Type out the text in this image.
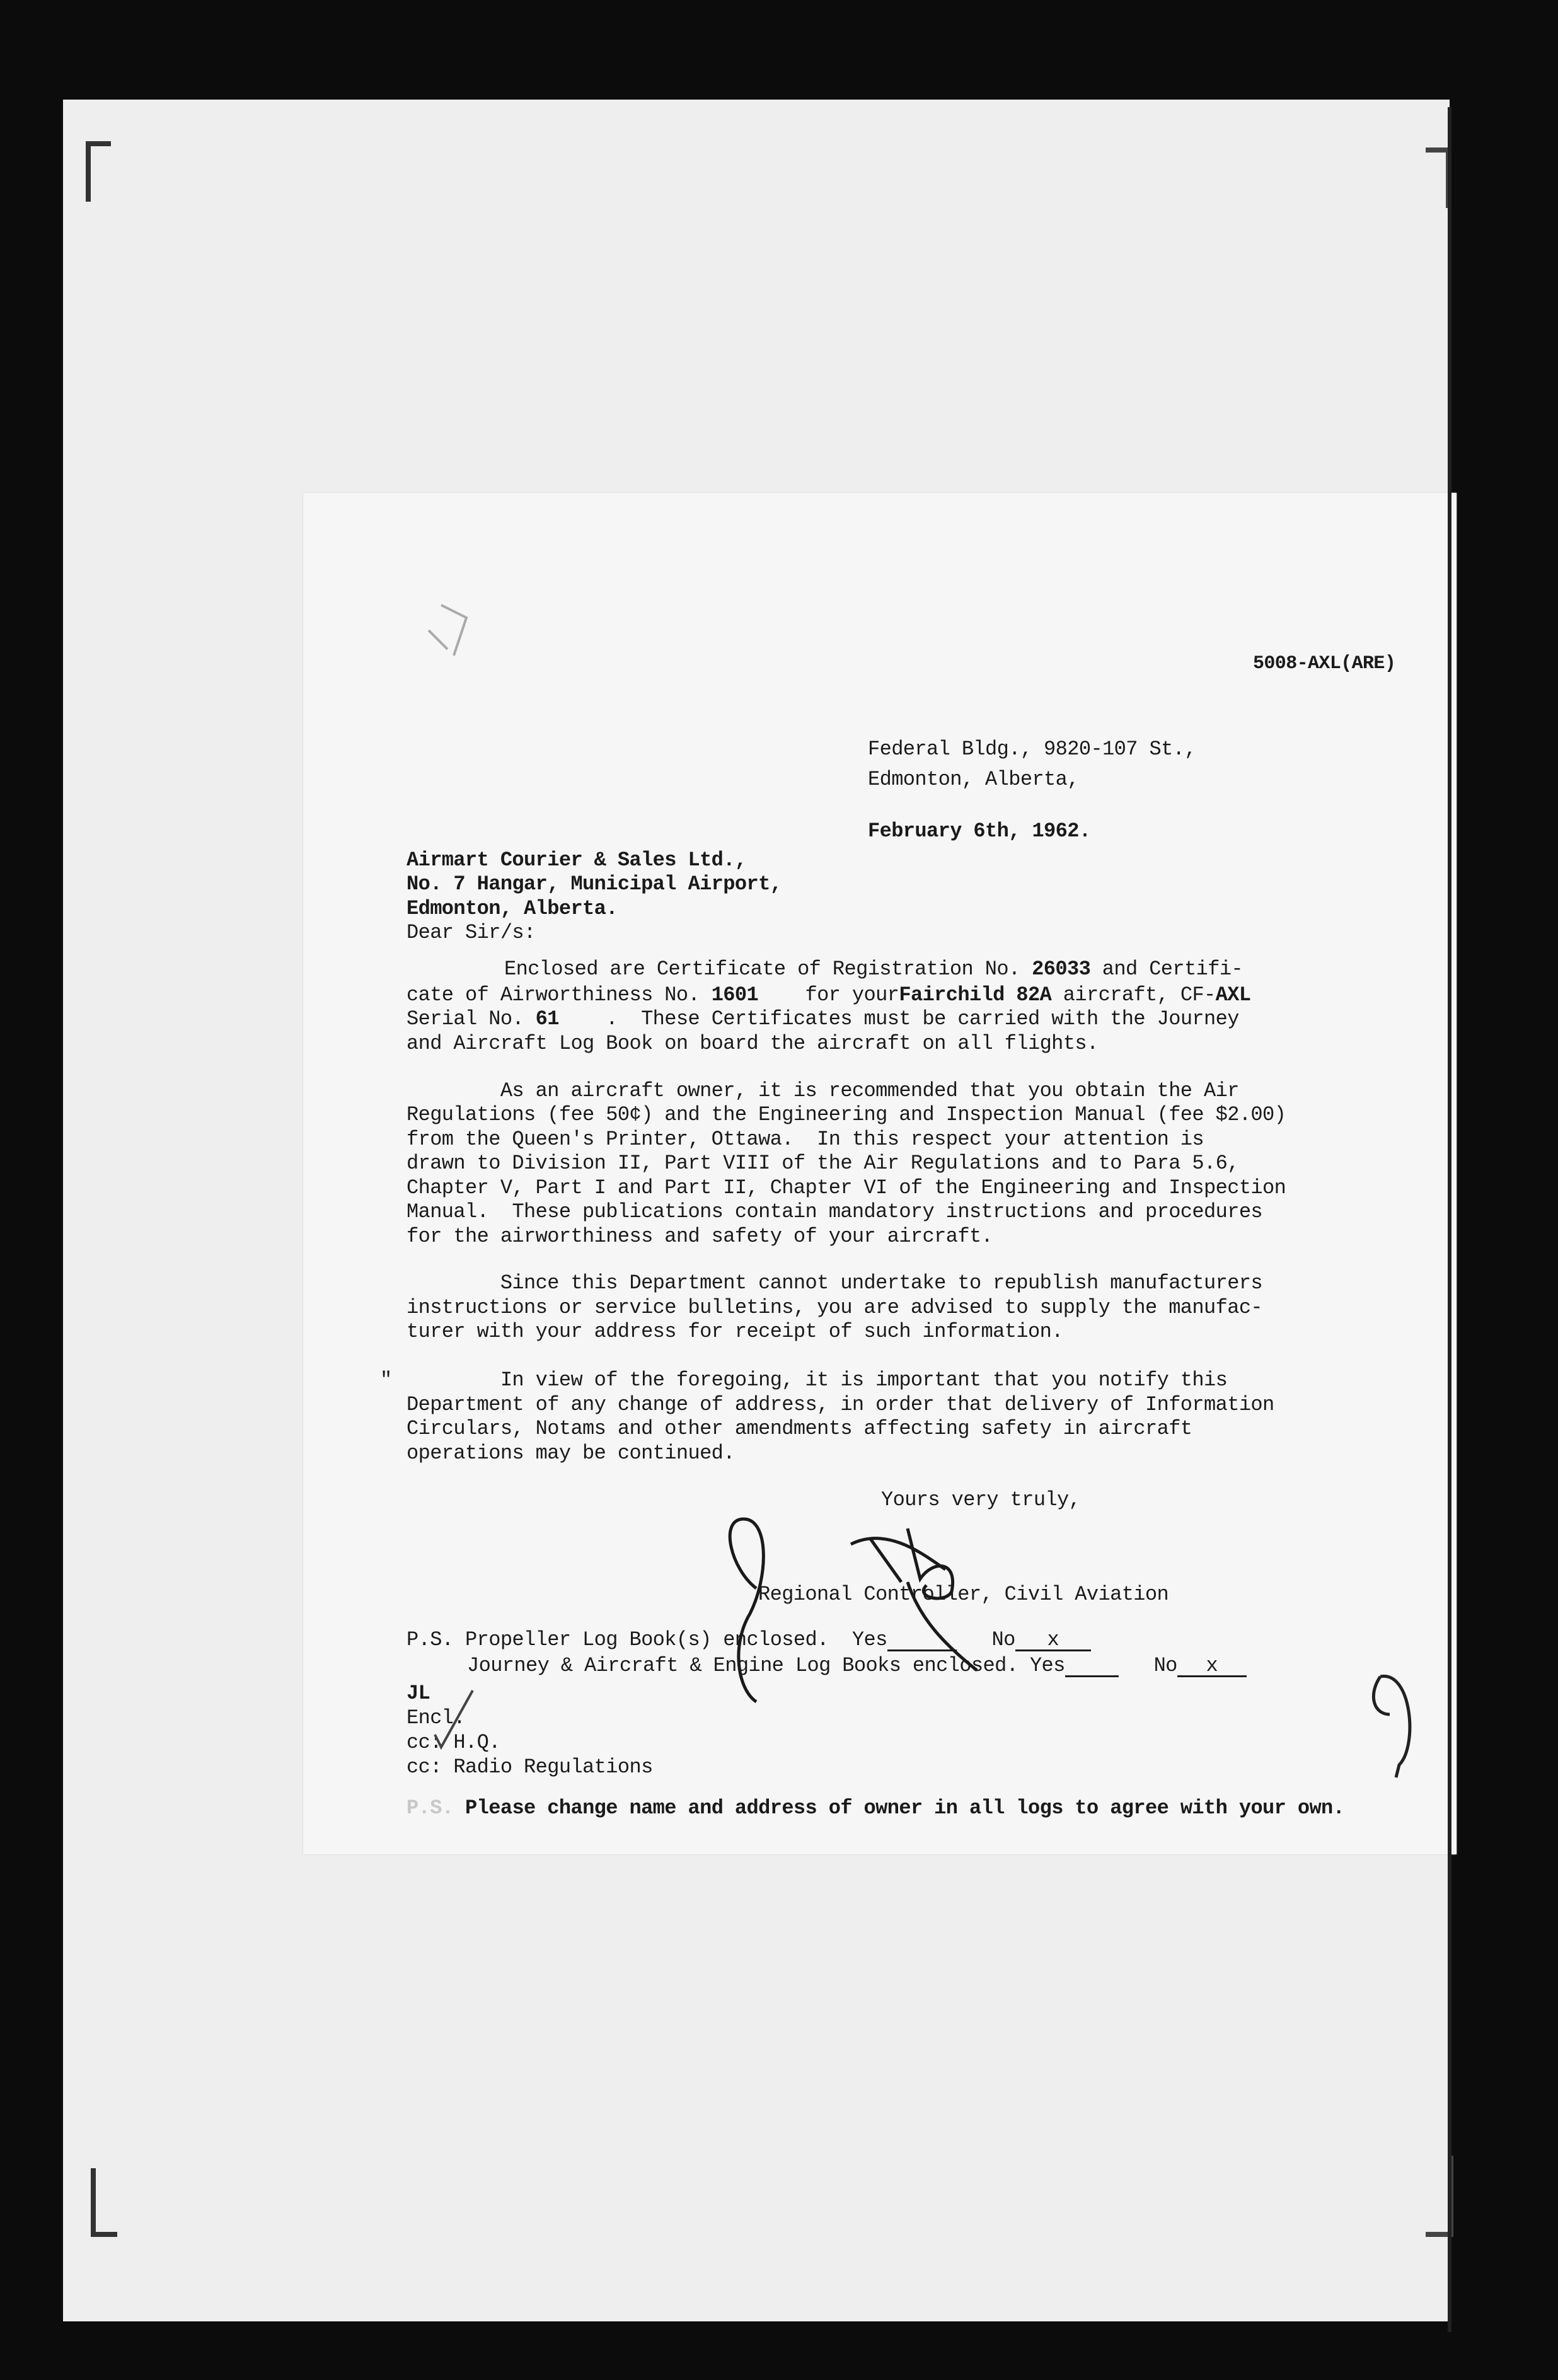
5008-AXL(ARE)
Federal Bldg., 9820-107 St.,
Edmonton, Alberta,
February 6th, 1962.
Airmart Courier & Sales Ltd.,
No. 7 Hangar, Municipal Airport,
Edmonton, Alberta.
Dear Sir/s:
Enclosed are Certificate of Registration No. 26033 and Certifi-
cate of Airworthiness No. 1601    for yourFairchild 82A aircraft, CF-AXL
Serial No. 61    .  These Certificates must be carried with the Journey
and Aircraft Log Book on board the aircraft on all flights.
As an aircraft owner, it is recommended that you obtain the Air
Regulations (fee 50¢) and the Engineering and Inspection Manual (fee $2.00)
from the Queen's Printer, Ottawa.  In this respect your attention is
drawn to Division II, Part VIII of the Air Regulations and to Para 5.6,
Chapter V, Part I and Part II, Chapter VI of the Engineering and Inspection
Manual.  These publications contain mandatory instructions and procedures
for the airworthiness and safety of your aircraft.
Since this Department cannot undertake to republish manufacturers
instructions or service bulletins, you are advised to supply the manufac-
turer with your address for receipt of such information.
" In view of the foregoing, it is important that you notify this
Department of any change of address, in order that delivery of Information
Circulars, Notams and other amendments affecting safety in aircraft
operations may be continued.
Yours very truly,
Regional Controller, Civil Aviation
P.S. Propeller Log Book(s) enclosed.  Yes	No x
Journey & Aircraft & Engine Log Books enclosed. Yes	No x
JL
Encl.
cc: H.Q.
cc: Radio Regulations
P.S. Please change name and address of owner in all logs to agree with your own.
